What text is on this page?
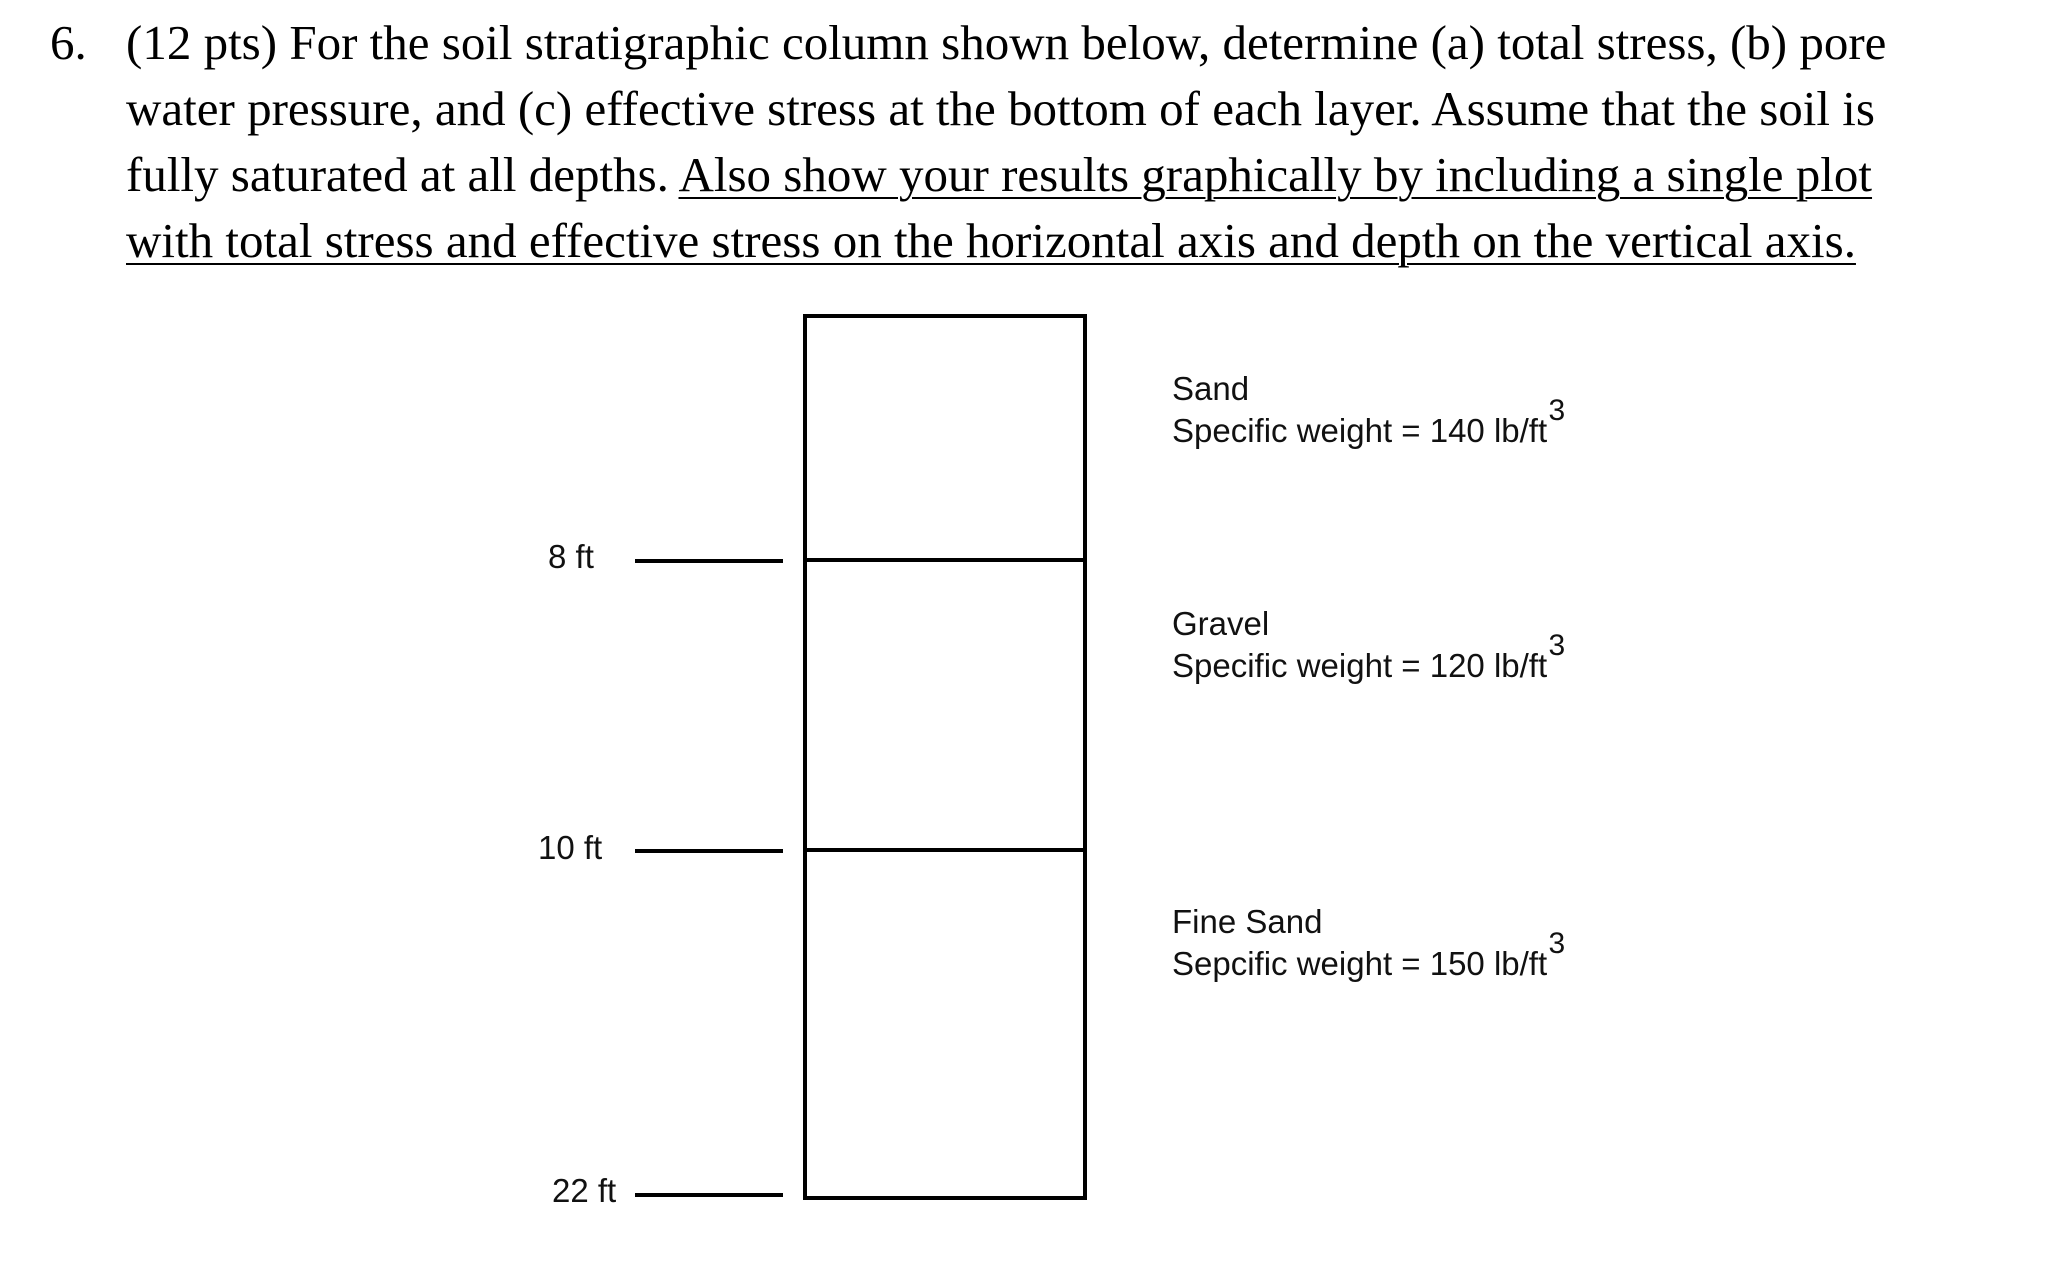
6. (12 pts) For the soil stratigraphic column shown below, determine (a) total stress, (b) pore
water pressure, and (c) effective stress at the bottom of each layer. Assume that the soil is
fully saturated at all depths. Also show your results graphically by including a single plot
with total stress and effective stress on the horizontal axis and depth on the vertical axis.
8 ft
10 ft
22 ft
Sand
Specific weight = 140 lb/ft
3
Gravel
Specific weight = 120 lb/ft
3
Fine Sand
Sepcific weight = 150 lb/ft
3
